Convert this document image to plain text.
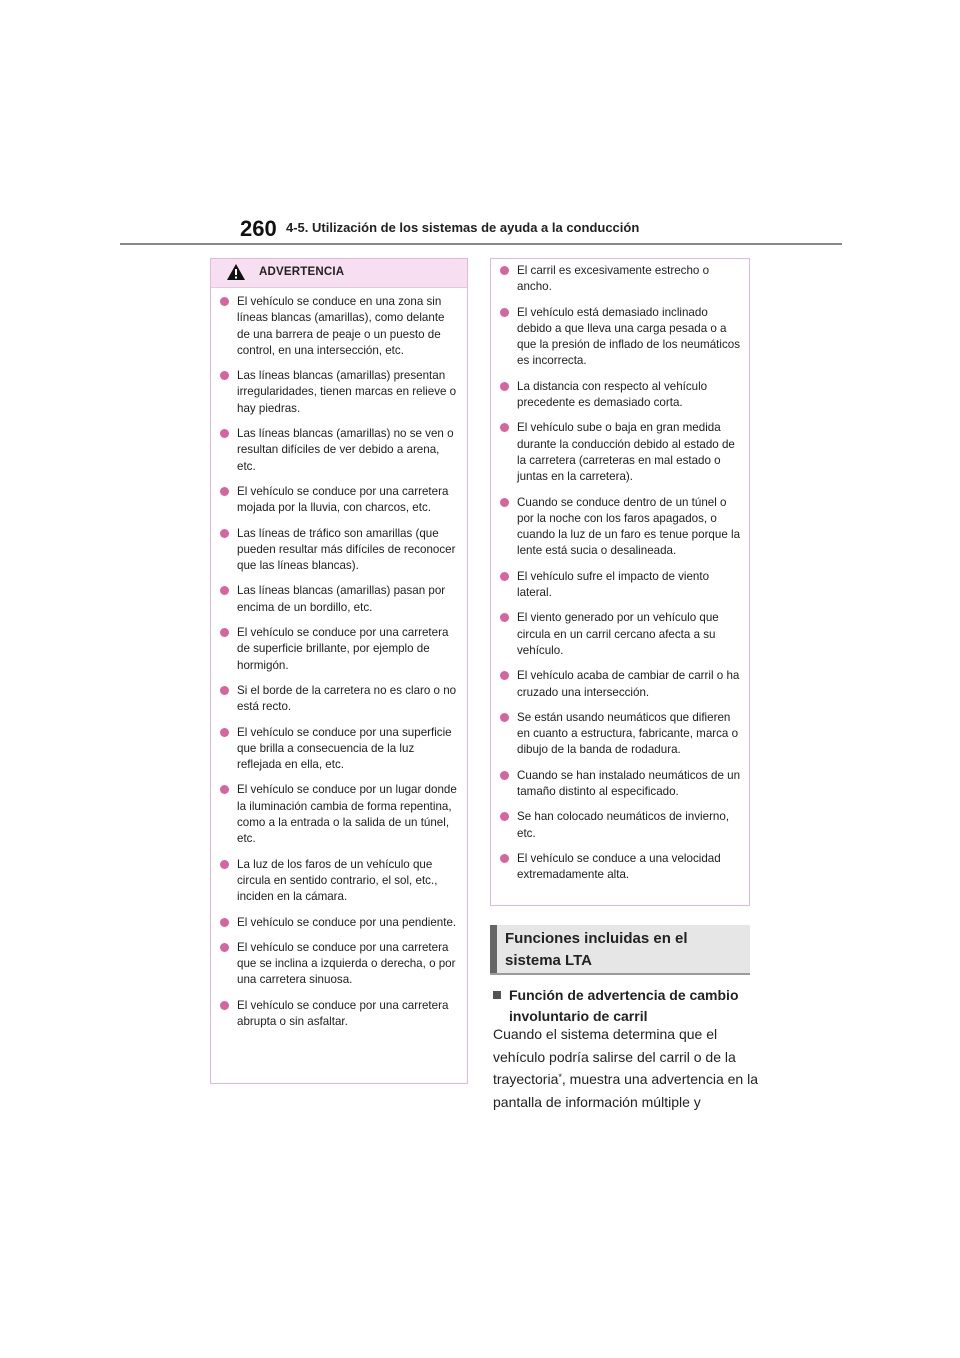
260 4-5. Utilización de los sistemas de ayuda a la conducción
ADVERTENCIA
El vehículo se conduce en una zona sin líneas blancas (amarillas), como delante de una barrera de peaje o un puesto de control, en una intersección, etc.
Las líneas blancas (amarillas) presentan irregularidades, tienen marcas en relieve o hay piedras.
Las líneas blancas (amarillas) no se ven o resultan difíciles de ver debido a arena, etc.
El vehículo se conduce por una carretera mojada por la lluvia, con charcos, etc.
Las líneas de tráfico son amarillas (que pueden resultar más difíciles de reconocer que las líneas blancas).
Las líneas blancas (amarillas) pasan por encima de un bordillo, etc.
El vehículo se conduce por una carretera de superficie brillante, por ejemplo de hormigón.
Si el borde de la carretera no es claro o no está recto.
El vehículo se conduce por una superficie que brilla a consecuencia de la luz reflejada en ella, etc.
El vehículo se conduce por un lugar donde la iluminación cambia de forma repentina, como a la entrada o la salida de un túnel, etc.
La luz de los faros de un vehículo que circula en sentido contrario, el sol, etc., inciden en la cámara.
El vehículo se conduce por una pendiente.
El vehículo se conduce por una carretera que se inclina a izquierda o derecha, o por una carretera sinuosa.
El vehículo se conduce por una carretera abrupta o sin asfaltar.
El carril es excesivamente estrecho o ancho.
El vehículo está demasiado inclinado debido a que lleva una carga pesada o a que la presión de inflado de los neumáticos es incorrecta.
La distancia con respecto al vehículo precedente es demasiado corta.
El vehículo sube o baja en gran medida durante la conducción debido al estado de la carretera (carreteras en mal estado o juntas en la carretera).
Cuando se conduce dentro de un túnel o por la noche con los faros apagados, o cuando la luz de un faro es tenue porque la lente está sucia o desalineada.
El vehículo sufre el impacto de viento lateral.
El viento generado por un vehículo que circula en un carril cercano afecta a su vehículo.
El vehículo acaba de cambiar de carril o ha cruzado una intersección.
Se están usando neumáticos que difieren en cuanto a estructura, fabricante, marca o dibujo de la banda de rodadura.
Cuando se han instalado neumáticos de un tamaño distinto al especificado.
Se han colocado neumáticos de invierno, etc.
El vehículo se conduce a una velocidad extremadamente alta.
Funciones incluidas en el sistema LTA
Función de advertencia de cambio involuntario de carril
Cuando el sistema determina que el vehículo podría salirse del carril o de la trayectoria*, muestra una advertencia en la pantalla de información múltiple y
